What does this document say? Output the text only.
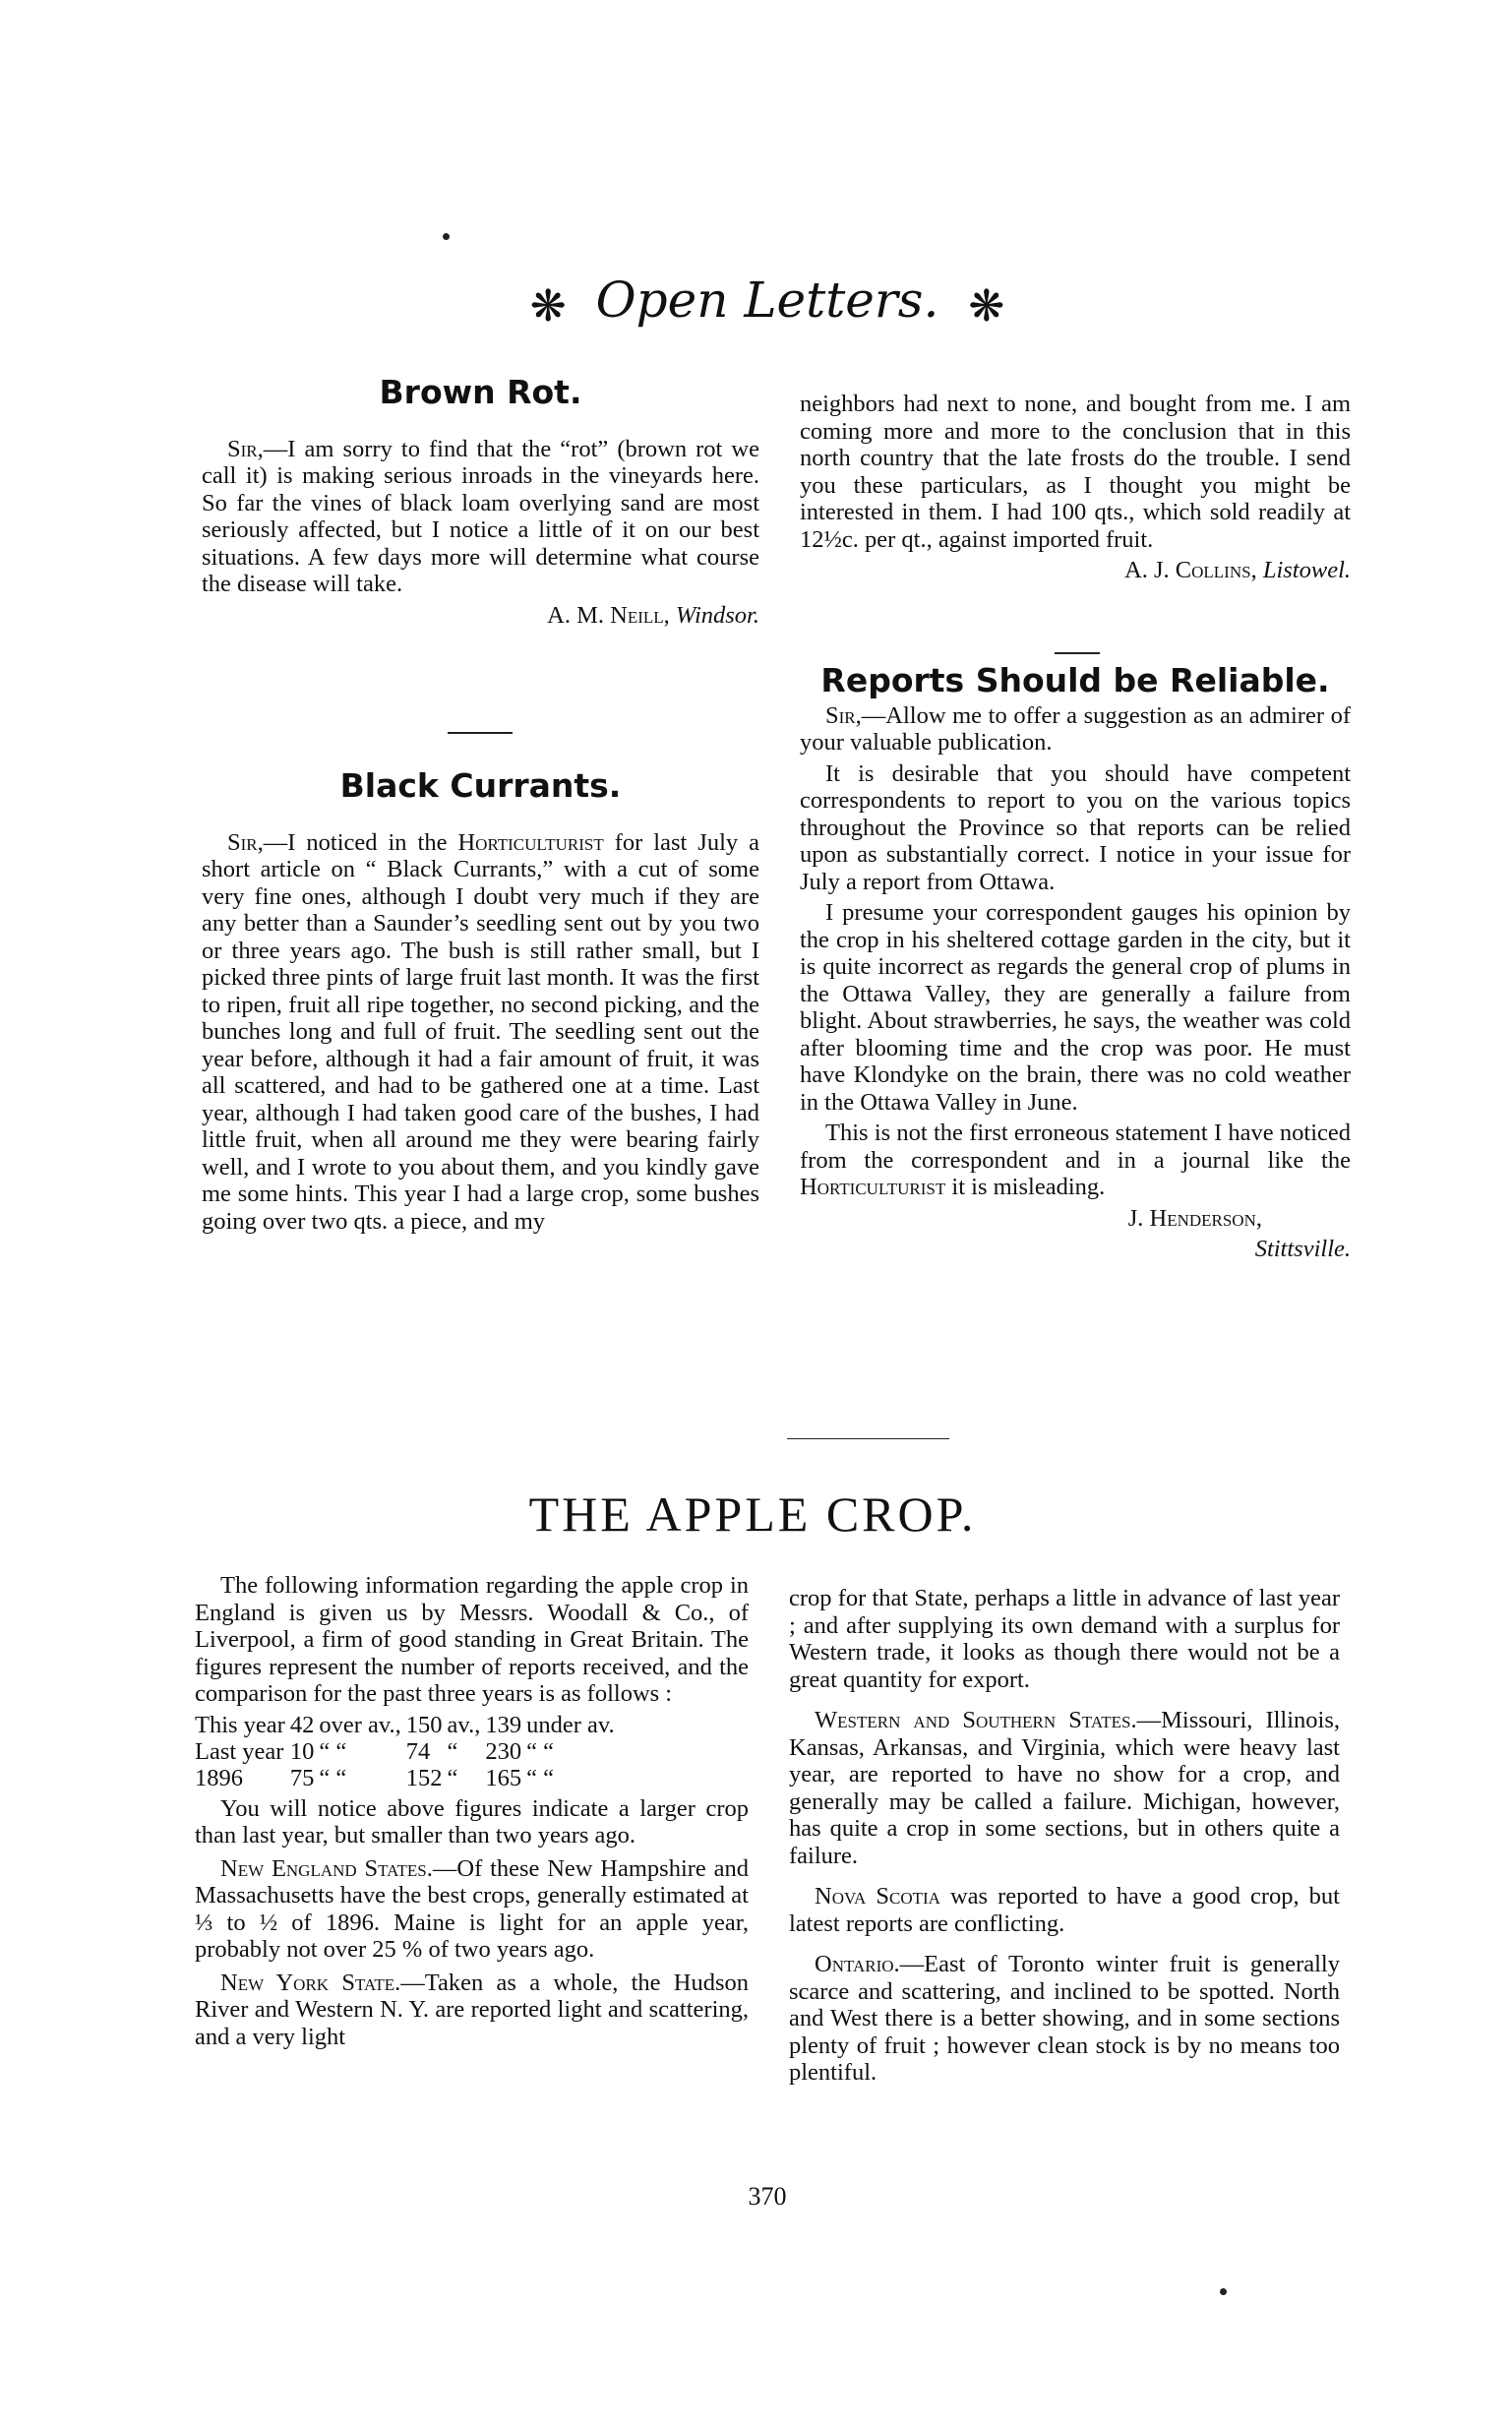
❋ Open Letters. ❋
Brown Rot.

Sir,—I am sorry to find that the “rot” (brown rot we call it) is making serious inroads in the vineyards here. So far the vines of black loam overlying sand are most seriously affected, but I notice a little of it on our best situations. A few days more will determine what course the disease will take.

A. M. Neill, Windsor.

Black Currants.

Sir,—I noticed in the Horticulturist for last July a short article on “ Black Currants,” with a cut of some very fine ones, although I doubt very much if they are any better than a Saunder’s seedling sent out by you two or three years ago. The bush is still rather small, but I picked three pints of large fruit last month. It was the first to ripen, fruit all ripe together, no second picking, and the bunches long and full of fruit. The seedling sent out the year before, although it had a fair amount of fruit, it was all scattered, and had to be gathered one at a time. Last year, although I had taken good care of the bushes, I had little fruit, when all around me they were bearing fairly well, and I wrote to you about them, and you kindly gave me some hints. This year I had a large crop, some bushes going over two qts. a piece, and my

neighbors had next to none, and bought from me. I am coming more and more to the conclusion that in this north country that the late frosts do the trouble. I send you these particulars, as I thought you might be interested in them. I had 100 qts., which sold readily at 12½c. per qt., against imported fruit.

A. J. Collins, Listowel.

Reports Should be Reliable.

Sir,—Allow me to offer a suggestion as an admirer of your valuable publication.

It is desirable that you should have competent correspondents to report to you on the various topics throughout the Province so that reports can be relied upon as substantially correct. I notice in your issue for July a report from Ottawa.

I presume your correspondent gauges his opinion by the crop in his sheltered cottage garden in the city, but it is quite incorrect as regards the general crop of plums in the Ottawa Valley, they are generally a failure from blight. About strawberries, he says, the weather was cold after blooming time and the crop was poor. He must have Klondyke on the brain, there was no cold weather in the Ottawa Valley in June.

This is not the first erroneous statement I have noticed from the correspondent and in a journal like the Horticulturist it is misleading.

J. Henderson,

Stittsville.

THE APPLE CROP.

The following information regarding the apple crop in England is given us by Messrs. Woodall & Co., of Liverpool, a firm of good standing in Great Britain. The figures represent the number of reports received, and the comparison for the past three years is as follows :

This year	42	over av.,	150	av.,	139	under av.
Last year	10	“ “	74	“	230	“ “
1896	75	“ “	152	“	165	“ “

You will notice above figures indicate a larger crop than last year, but smaller than two years ago.

New England States.—Of these New Hampshire and Massachusetts have the best crops, generally estimated at ⅓ to ½ of 1896. Maine is light for an apple year, probably not over 25 % of two years ago.

New York State.—Taken as a whole, the Hudson River and Western N. Y. are reported light and scattering, and a very light

crop for that State, perhaps a little in advance of last year ; and after supplying its own demand with a surplus for Western trade, it looks as though there would not be a great quantity for export.

Western and Southern States.—Missouri, Illinois, Kansas, Arkansas, and Virginia, which were heavy last year, are reported to have no show for a crop, and generally may be called a failure. Michigan, however, has quite a crop in some sections, but in others quite a failure.

Nova Scotia was reported to have a good crop, but latest reports are conflicting.

Ontario.—East of Toronto winter fruit is generally scarce and scattering, and inclined to be spotted. North and West there is a better showing, and in some sections plenty of fruit ; however clean stock is by no means too plentiful.

370
